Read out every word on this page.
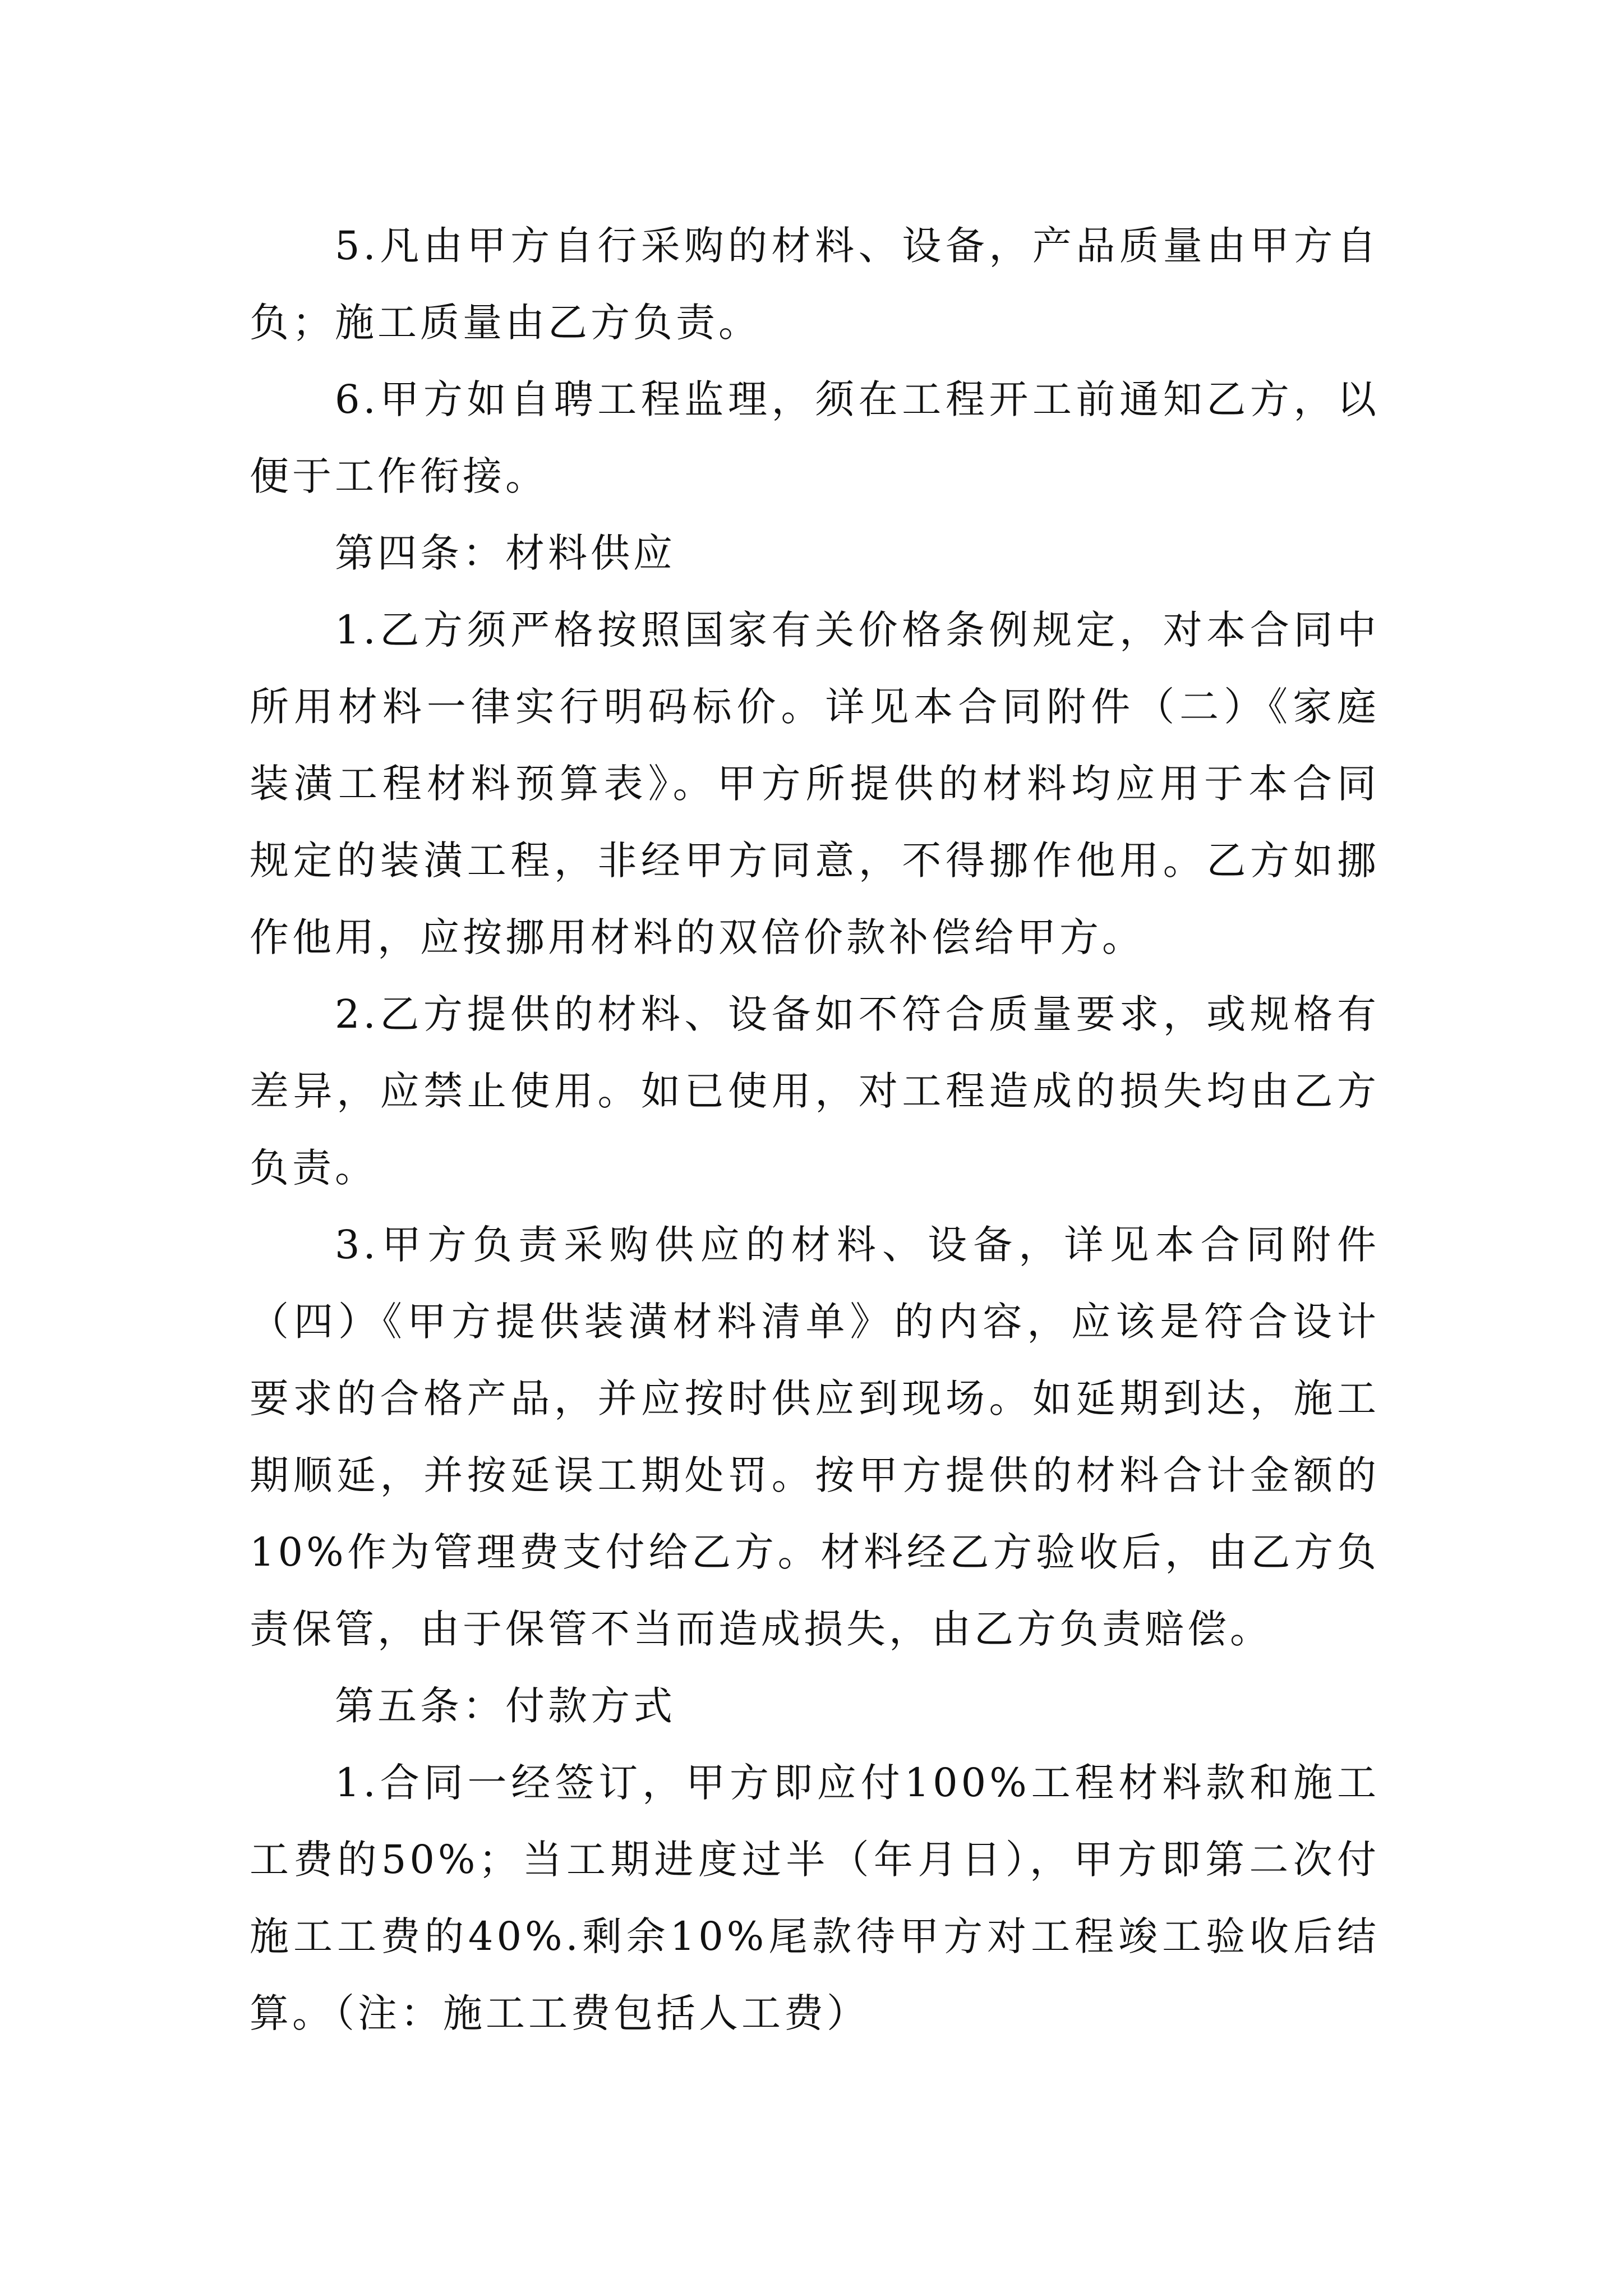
5.凡由甲方自行采购的材料、设备，产品质量由甲方自负；施工质量由乙方负责。

6.甲方如自聘工程监理，须在工程开工前通知乙方，以便于工作衔接。

第四条：材料供应

1.乙方须严格按照国家有关价格条例规定，对本合同中所用材料一律实行明码标价。详见本合同附件（二）《家庭装潢工程材料预算表》。甲方所提供的材料均应用于本合同规定的装潢工程，非经甲方同意，不得挪作他用。乙方如挪作他用，应按挪用材料的双倍价款补偿给甲方。

2.乙方提供的材料、设备如不符合质量要求，或规格有差异，应禁止使用。如已使用，对工程造成的损失均由乙方负责。

3.甲方负责采购供应的材料、设备，详见本合同附件（四）《甲方提供装潢材料清单》的内容，应该是符合设计要求的合格产品，并应按时供应到现场。如延期到达，施工期顺延，并按延误工期处罚。按甲方提供的材料合计金额的10%作为管理费支付给乙方。材料经乙方验收后，由乙方负责保管，由于保管不当而造成损失，由乙方负责赔偿。

第五条：付款方式

1.合同一经签订，甲方即应付100%工程材料款和施工工费的50%；当工期进度过半（年月日），甲方即第二次付施工工费的40%.剩余10%尾款待甲方对工程竣工验收后结算。（注：施工工费包括人工费）
